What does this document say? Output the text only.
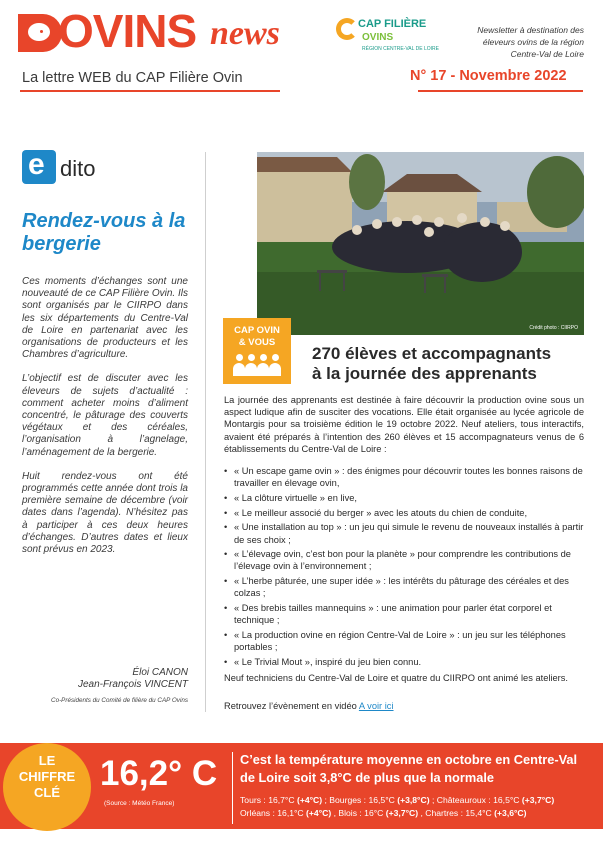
OVINS news
La lettre WEB du CAP Filière Ovin	N° 17 - Novembre 2022
CAP FILIÈRE
OVINS
RÉGION CENTRE-VAL DE LOIRE
Newsletter à destination des éleveurs ovins de la région Centre-Val de Loire
e dito
Rendez-vous à la bergerie

Ces moments d’échanges sont une nouveauté de ce CAP Filière Ovin. Ils sont organisés par le CIIRPO dans les six départements du Centre-Val de Loire en partenariat avec les organisations de producteurs et les Chambres d’agriculture.

L’objectif est de discuter avec les éleveurs de sujets d’actualité : comment acheter moins d’aliment concentré, le pâturage des couverts végétaux et des céréales, l’organisation à l’agnelage, l’aménagement de la bergerie.

Huit rendez-vous ont été programmés cette année dont trois la première semaine de décembre (voir dates dans l’agenda). N’hésitez pas à participer à ces deux heures d’échanges. D’autres dates et lieux sont prévus en 2023.

Éloi CANON
Jean-François VINCENT
Co-Présidents du Comité de filière du CAP Ovins
Crédit photo : CIIRPO
CAP OVIN
& VOUS
270 élèves et accompagnants
à la journée des apprenants
La journée des apprenants est destinée à faire découvrir la production ovine sous un aspect ludique afin de susciter des vocations. Elle était organisée au lycée agricole de Montargis pour sa troisième édition le 19 octobre 2022. Neuf ateliers, tous interactifs, avaient été préparés à l’intention des 260 élèves et 15 accompagnateurs venus de 6 établissements du Centre-Val de Loire :
• « Un escape game ovin » : des énigmes pour découvrir toutes les bonnes raisons de travailler en élevage ovin,
• « La clôture virtuelle » en live,
• « Le meilleur associé du berger » avec les atouts du chien de conduite,
• « Une installation au top » : un jeu qui simule le revenu de nouveaux installés à partir de ses choix ;
• « L’élevage ovin, c’est bon pour la planète » pour comprendre les contributions de l’élevage ovin à l’environnement ;
• « L’herbe pâturée, une super idée » : les intérêts du pâturage des céréales et des colzas ;
• « Des brebis tailles mannequins » : une animation pour parler état corporel et technique ;
• « La production ovine en région Centre-Val de Loire » : un jeu sur les téléphones portables ;
• « Le Trivial Mout », inspiré du jeu bien connu.
Neuf techniciens du Centre-Val de Loire et quatre du CIIRPO ont animé les ateliers.
Retrouvez l’évènement en vidéo A voir ici
LE
CHIFFRE
CLÉ	16,2° C
(Source : Météo France)
C’est la température moyenne en octobre en Centre-Val de Loire soit 3,8°C de plus que la normale
Tours : 16,7°C (+4°C) ; Bourges : 16,5°C (+3,8°C) ; Châteauroux : 16,5°C (+3,7°C)
Orléans : 16,1°C (+4°C) , Blois : 16°C (+3,7°C) , Chartres : 15,4°C (+3,6°C)
